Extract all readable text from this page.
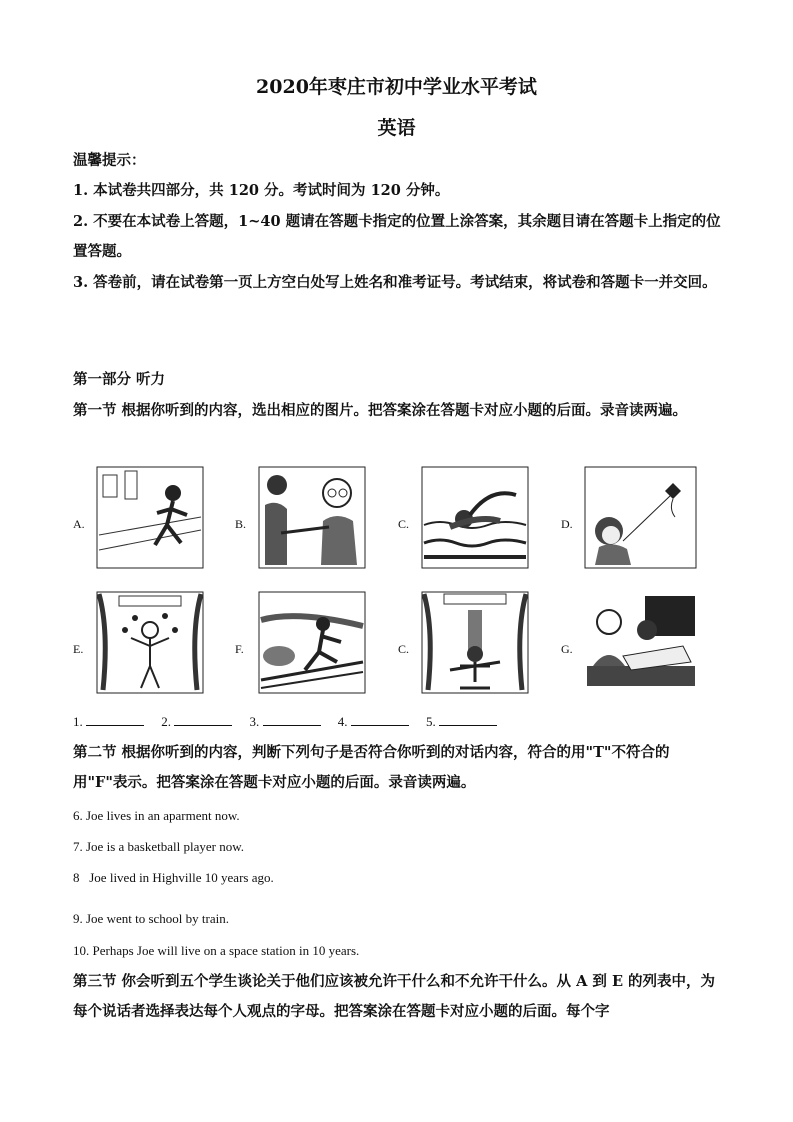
2020年枣庄市初中学业水平考试
英语
温馨提示：
1. 本试卷共四部分，共 120 分。考试时间为 120 分钟。
2. 不要在本试卷上答题，1~40 题请在答题卡指定的位置上涂答案，其余题目请在答题卡上指定的位置答题。
3. 答卷前，请在试卷第一页上方空白处写上姓名和准考证号。考试结束，将试卷和答题卡一并交回。
第一部分 听力
第一节 根据你听到的内容，选出相应的图片。把答案涂在答题卡对应小题的后面。录音读两遍。
A.	B.	C.	D.
E.	F.	C.	G.
1.	2.	3.	4.	5.
第二节 根据你听到的内容，判断下列句子是否符合你听到的对话内容，符合的用"T"不符合的用"F"表示。把答案涂在答题卡对应小题的后面。录音读两遍。
6. Joe lives in an aparment now.
7. Joe is a basketball player now.
8   Joe lived in Highville 10 years ago.
9. Joe went to school by train.
10. Perhaps Joe will live on a space station in 10 years.
第三节 你会听到五个学生谈论关于他们应该被允许干什么和不允许干什么。从 A 到 E 的列表中，为每个说话者选择表达每个人观点的字母。把答案涂在答题卡对应小题的后面。每个字
